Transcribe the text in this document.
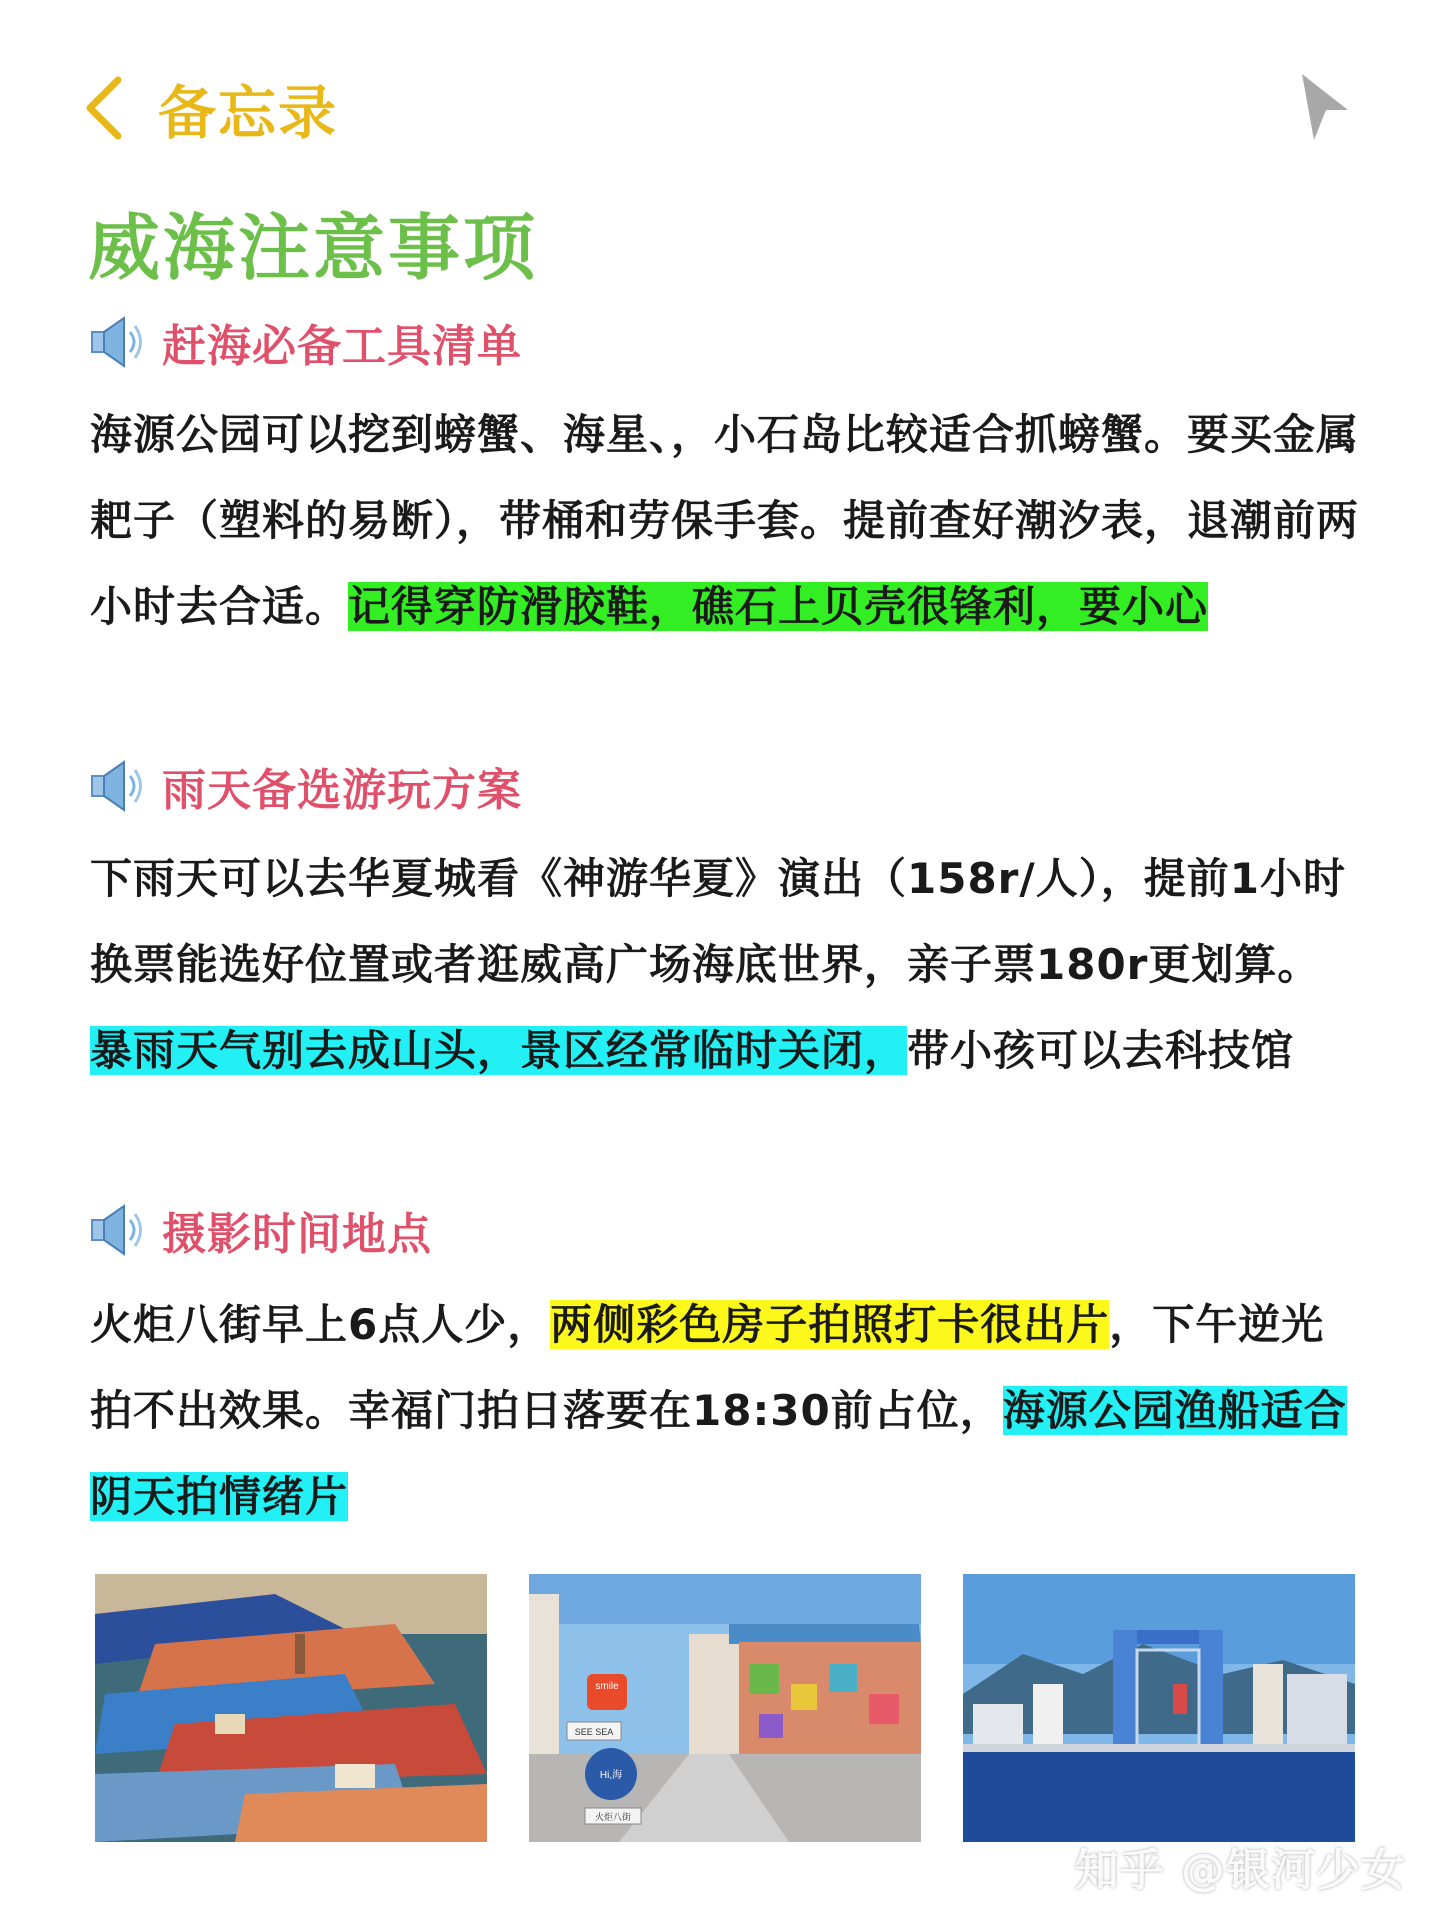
备忘录
威海注意事项
赶海必备工具清单
海源公园可以挖到螃蟹、海星、，小石岛比较适合抓螃蟹。要买金属耙子（塑料的易断），带桶和劳保手套。提前查好潮汐表，退潮前两小时去合适。记得穿防滑胶鞋，礁石上贝壳很锋利，要小心
雨天备选游玩方案
下雨天可以去华夏城看《神游华夏》演出（158r/人），提前1小时换票能选好位置或者逛威高广场海底世界，亲子票180r更划算。暴雨天气别去成山头，景区经常临时关闭，带小孩可以去科技馆
摄影时间地点
火炬八街早上6点人少，两侧彩色房子拍照打卡很出片，下午逆光拍不出效果。幸福门拍日落要在18:30前占位，海源公园渔船适合阴天拍情绪片
smile
SEE SEA
Hi,海
火炬八街
知乎 @银河少女
